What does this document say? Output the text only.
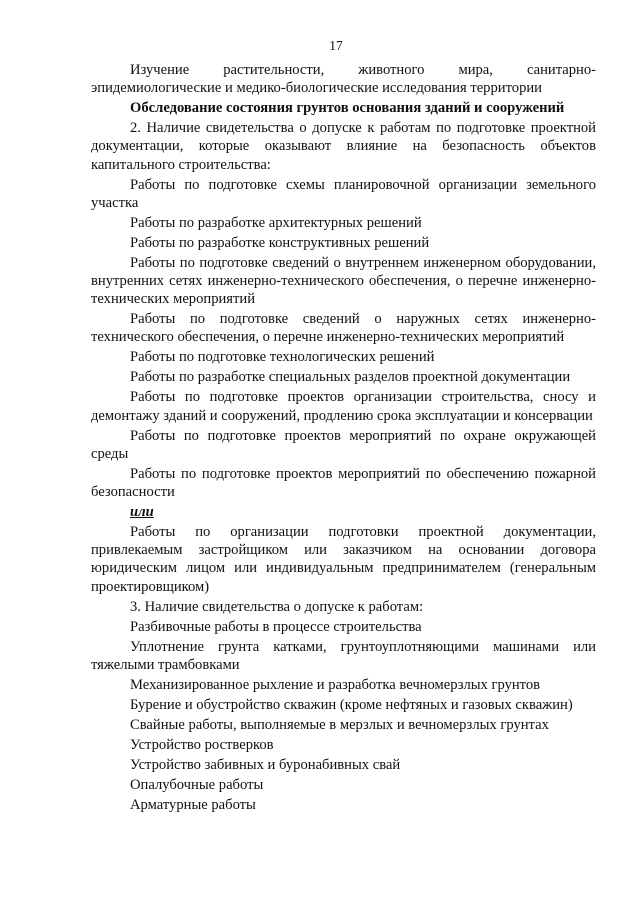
17

Изучение растительности, животного мира, санитарно-эпидемиологические и медико-биологические исследования территории

Обследование состояния грунтов основания зданий и сооружений

2. Наличие свидетельства о допуске к работам по подготовке проектной документации, которые оказывают влияние на безопасность объектов капитального строительства:

Работы по подготовке схемы планировочной организации земельного участка

Работы по разработке архитектурных решений

Работы по разработке конструктивных решений

Работы по подготовке сведений о внутреннем инженерном оборудовании, внутренних сетях инженерно-технического обеспечения, о перечне инженерно-технических мероприятий

Работы по подготовке сведений о наружных сетях инженерно-технического обеспечения, о перечне инженерно-технических мероприятий

Работы по подготовке технологических решений

Работы по разработке специальных разделов проектной документации

Работы по подготовке проектов организации строительства, сносу и демонтажу зданий и сооружений, продлению срока эксплуатации и консервации

Работы по подготовке проектов мероприятий по охране окружающей среды

Работы по подготовке проектов мероприятий по обеспечению пожарной безопасности

или

Работы по организации подготовки проектной документации, привлекаемым застройщиком или заказчиком на основании договора юридическим лицом или индивидуальным предпринимателем (генеральным проектировщиком)

3. Наличие свидетельства о допуске к работам:

Разбивочные работы в процессе строительства

Уплотнение грунта катками, грунтоуплотняющими машинами или тяжелыми трамбовками

Механизированное рыхление и разработка вечномерзлых грунтов

Бурение и обустройство скважин (кроме нефтяных и газовых скважин)

Свайные работы, выполняемые в мерзлых и вечномерзлых грунтах

Устройство ростверков

Устройство забивных и буронабивных свай

Опалубочные работы

Арматурные работы
